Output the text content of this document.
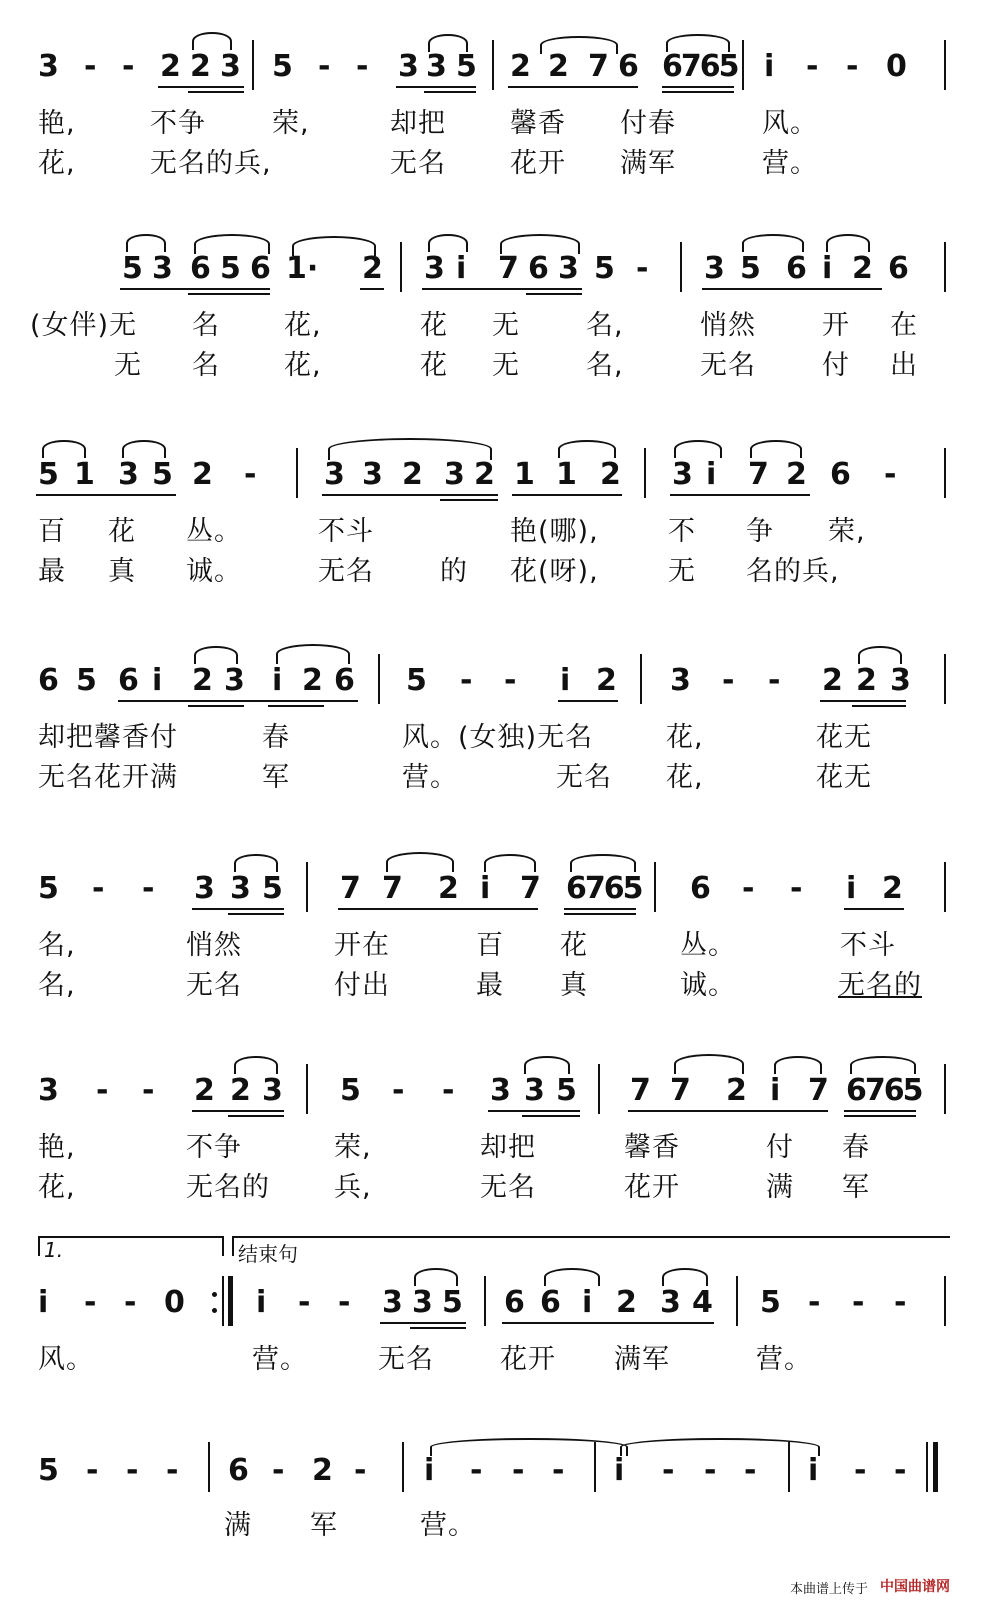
3 - - 2 2 3 5 - - 3 3 5 2 2 7 6 6765 i - - 0
艳,	不争 荣,	却把 馨香 付春	风。
花,	无名的兵,	无名 花开 满军	营。
5 3 6 5 6 1· 2 3 i 7 6 3 5 - 3 5 6 i 2 6
(女伴)无 名 花,	花 无 名,	悄然 开 在
无 名 花,	花 无 名,	无名 付 出
5 1 3 5 2 - 3 3 2 3 2 1 1 2 3 i 7 2 6 -
百 花 丛。	不斗	艳(哪),	不 争 荣,
最 真 诚。	无名 的 花(呀),	无 名的兵,
6 5 6 i 2 3 i 2 6 5 - - i 2 3 - - 2 2 3
却把馨香付	春	风。(女独)无名	花,	花无
无名花开满	军	营。	无名 花,	花无
5 - - 3 3 5 7 7 2 i 7 6765 6 - - i 2
名,	悄然	开在	百 花	丛。	不斗
名,	无名	付出	最 真	诚。	无名的
3 - - 2 2 3 5 - - 3 3 5 7 7 2 i 7 6765
艳,	不争	荣,	却把	馨香	付 春
花,	无名的 兵,	无名	花开	满 军
1.	结束句
i - - 0 i - - 3 3 5 6 6 i 2 3 4 5 - - -
风。	营。	无名 花开 满军	营。
5 - - - 6 - 2 - i - - - i - - - i - -
满 军	营。
本曲谱上传于 中国曲谱网
